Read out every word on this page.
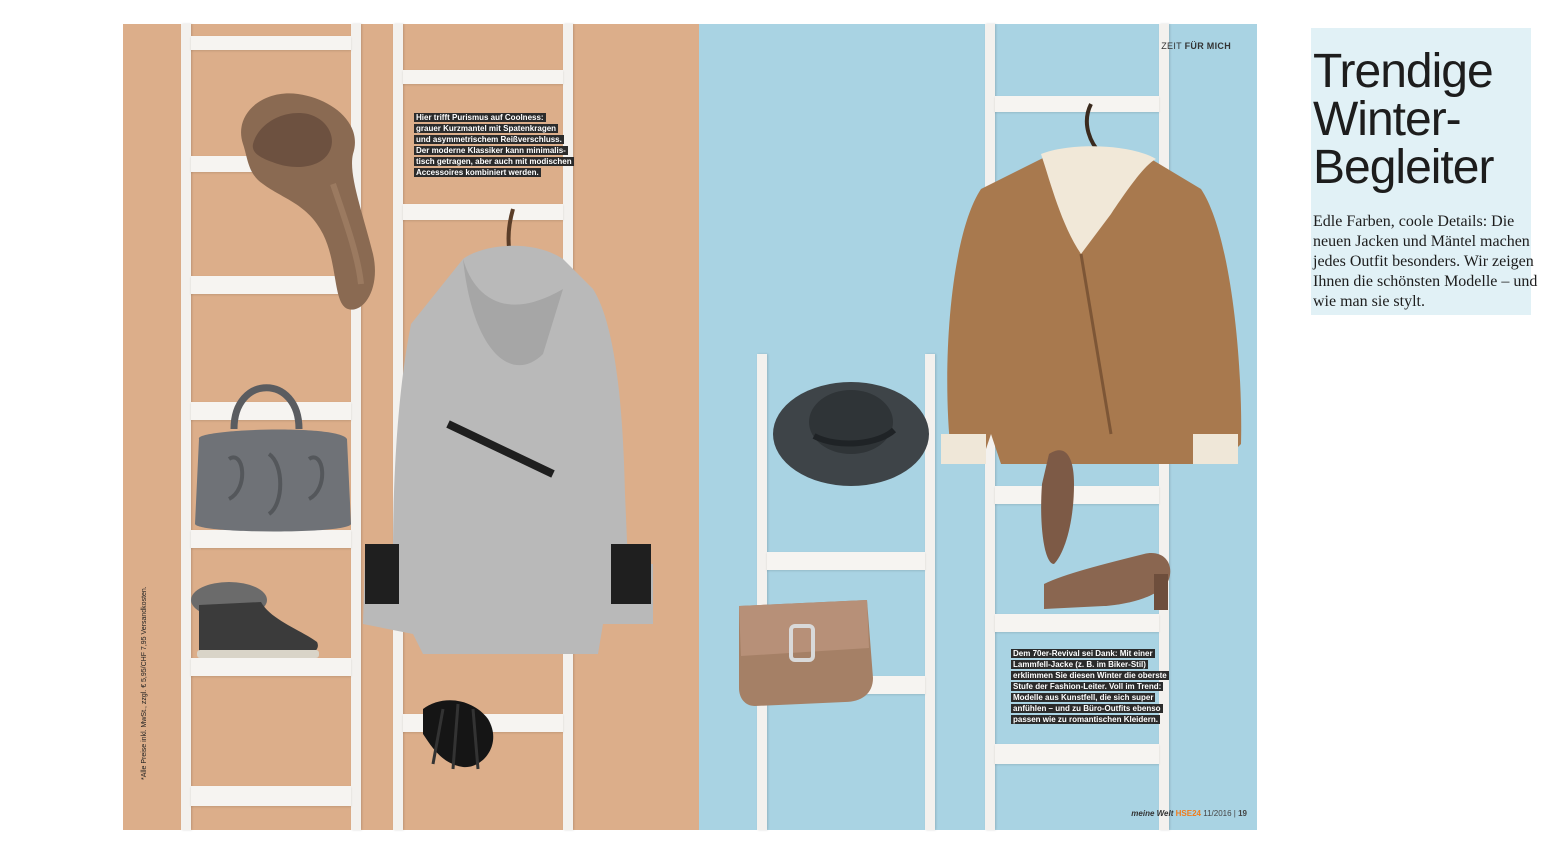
Hier trifft Purismus auf Coolness:
grauer Kurzmantel mit Spatenkragen
und asymmetrischem Reißverschluss.
Der moderne Klassiker kann minimalis-
tisch getragen, aber auch mit modischen
Accessoires kombiniert werden.
*Alle Preise inkl. MwSt., zzgl. € 5,95/CHF 7,95 Versandkosten.
Trendige
Winter-
Begleiter
Edle Farben, coole Details: Die neuen Jacken und Mäntel machen jedes Outfit besonders. Wir zeigen Ihnen die schönsten Modelle – und wie man sie stylt.
ZEIT FÜR MICH
Dem 70er-Revival sei Dank: Mit einer
Lammfell-Jacke (z. B. im Biker-Stil)
erklimmen Sie diesen Winter die oberste
Stufe der Fashion-Leiter. Voll im Trend:
Modelle aus Kunstfell, die sich super
anfühlen – und zu Büro-Outfits ebenso
passen wie zu romantischen Kleidern.
meine Welt HSE24 11/2016 | 19
